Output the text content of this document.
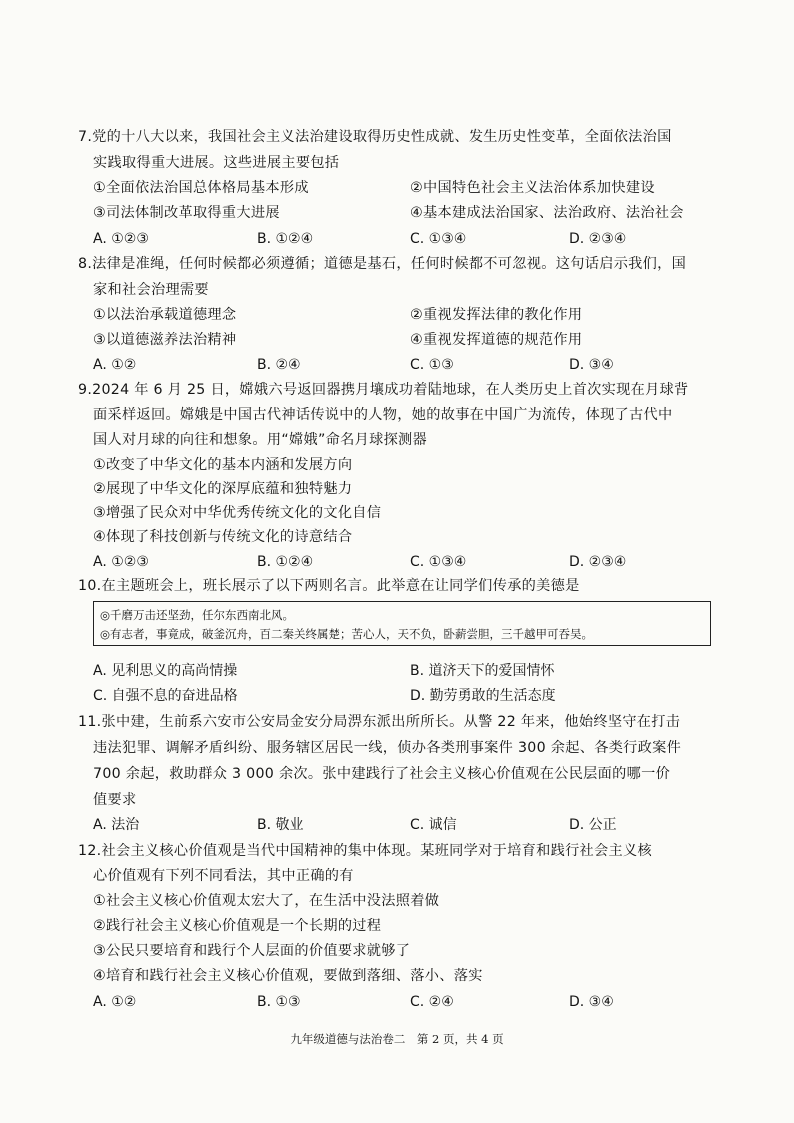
7.党的十八大以来，我国社会主义法治建设取得历史性成就、发生历史性变革，全面依法治国
实践取得重大进展。这些进展主要包括
①全面依法治国总体格局基本形成	②中国特色社会主义法治体系加快建设
③司法体制改革取得重大进展	④基本建成法治国家、法治政府、法治社会
A. ①②③	B. ①②④	C. ①③④	D. ②③④
8.法律是准绳，任何时候都必须遵循；道德是基石，任何时候都不可忽视。这句话启示我们，国
家和社会治理需要
①以法治承载道德理念	②重视发挥法律的教化作用
③以道德滋养法治精神	④重视发挥道德的规范作用
A. ①②	B. ②④	C. ①③	D. ③④
9.2024 年 6 月 25 日，嫦娥六号返回器携月壤成功着陆地球，在人类历史上首次实现在月球背
面采样返回。嫦娥是中国古代神话传说中的人物，她的故事在中国广为流传，体现了古代中
国人对月球的向往和想象。用“嫦娥”命名月球探测器
①改变了中华文化的基本内涵和发展方向
②展现了中华文化的深厚底蕴和独特魅力
③增强了民众对中华优秀传统文化的文化自信
④体现了科技创新与传统文化的诗意结合
A. ①②③	B. ①②④	C. ①③④	D. ②③④
10.在主题班会上，班长展示了以下两则名言。此举意在让同学们传承的美德是
◎千磨万击还坚劲，任尔东西南北风。
◎有志者，事竟成，破釜沉舟，百二秦关终属楚；苦心人，天不负，卧薪尝胆，三千越甲可吞吴。
A. 见利思义的高尚情操	B. 道济天下的爱国情怀
C. 自强不息的奋进品格	D. 勤劳勇敢的生活态度
11.张中建，生前系六安市公安局金安分局淠东派出所所长。从警 22 年来，他始终坚守在打击
违法犯罪、调解矛盾纠纷、服务辖区居民一线，侦办各类刑事案件 300 余起、各类行政案件
700 余起，救助群众 3 000 余次。张中建践行了社会主义核心价值观在公民层面的哪一价
值要求
A. 法治	B. 敬业	C. 诚信	D. 公正
12.社会主义核心价值观是当代中国精神的集中体现。某班同学对于培育和践行社会主义核
心价值观有下列不同看法，其中正确的有
①社会主义核心价值观太宏大了，在生活中没法照着做
②践行社会主义核心价值观是一个长期的过程
③公民只要培育和践行个人层面的价值要求就够了
④培育和践行社会主义核心价值观，要做到落细、落小、落实
A. ①②	B. ①③	C. ②④	D. ③④
九年级道德与法治卷二　第 2 页，共 4 页
